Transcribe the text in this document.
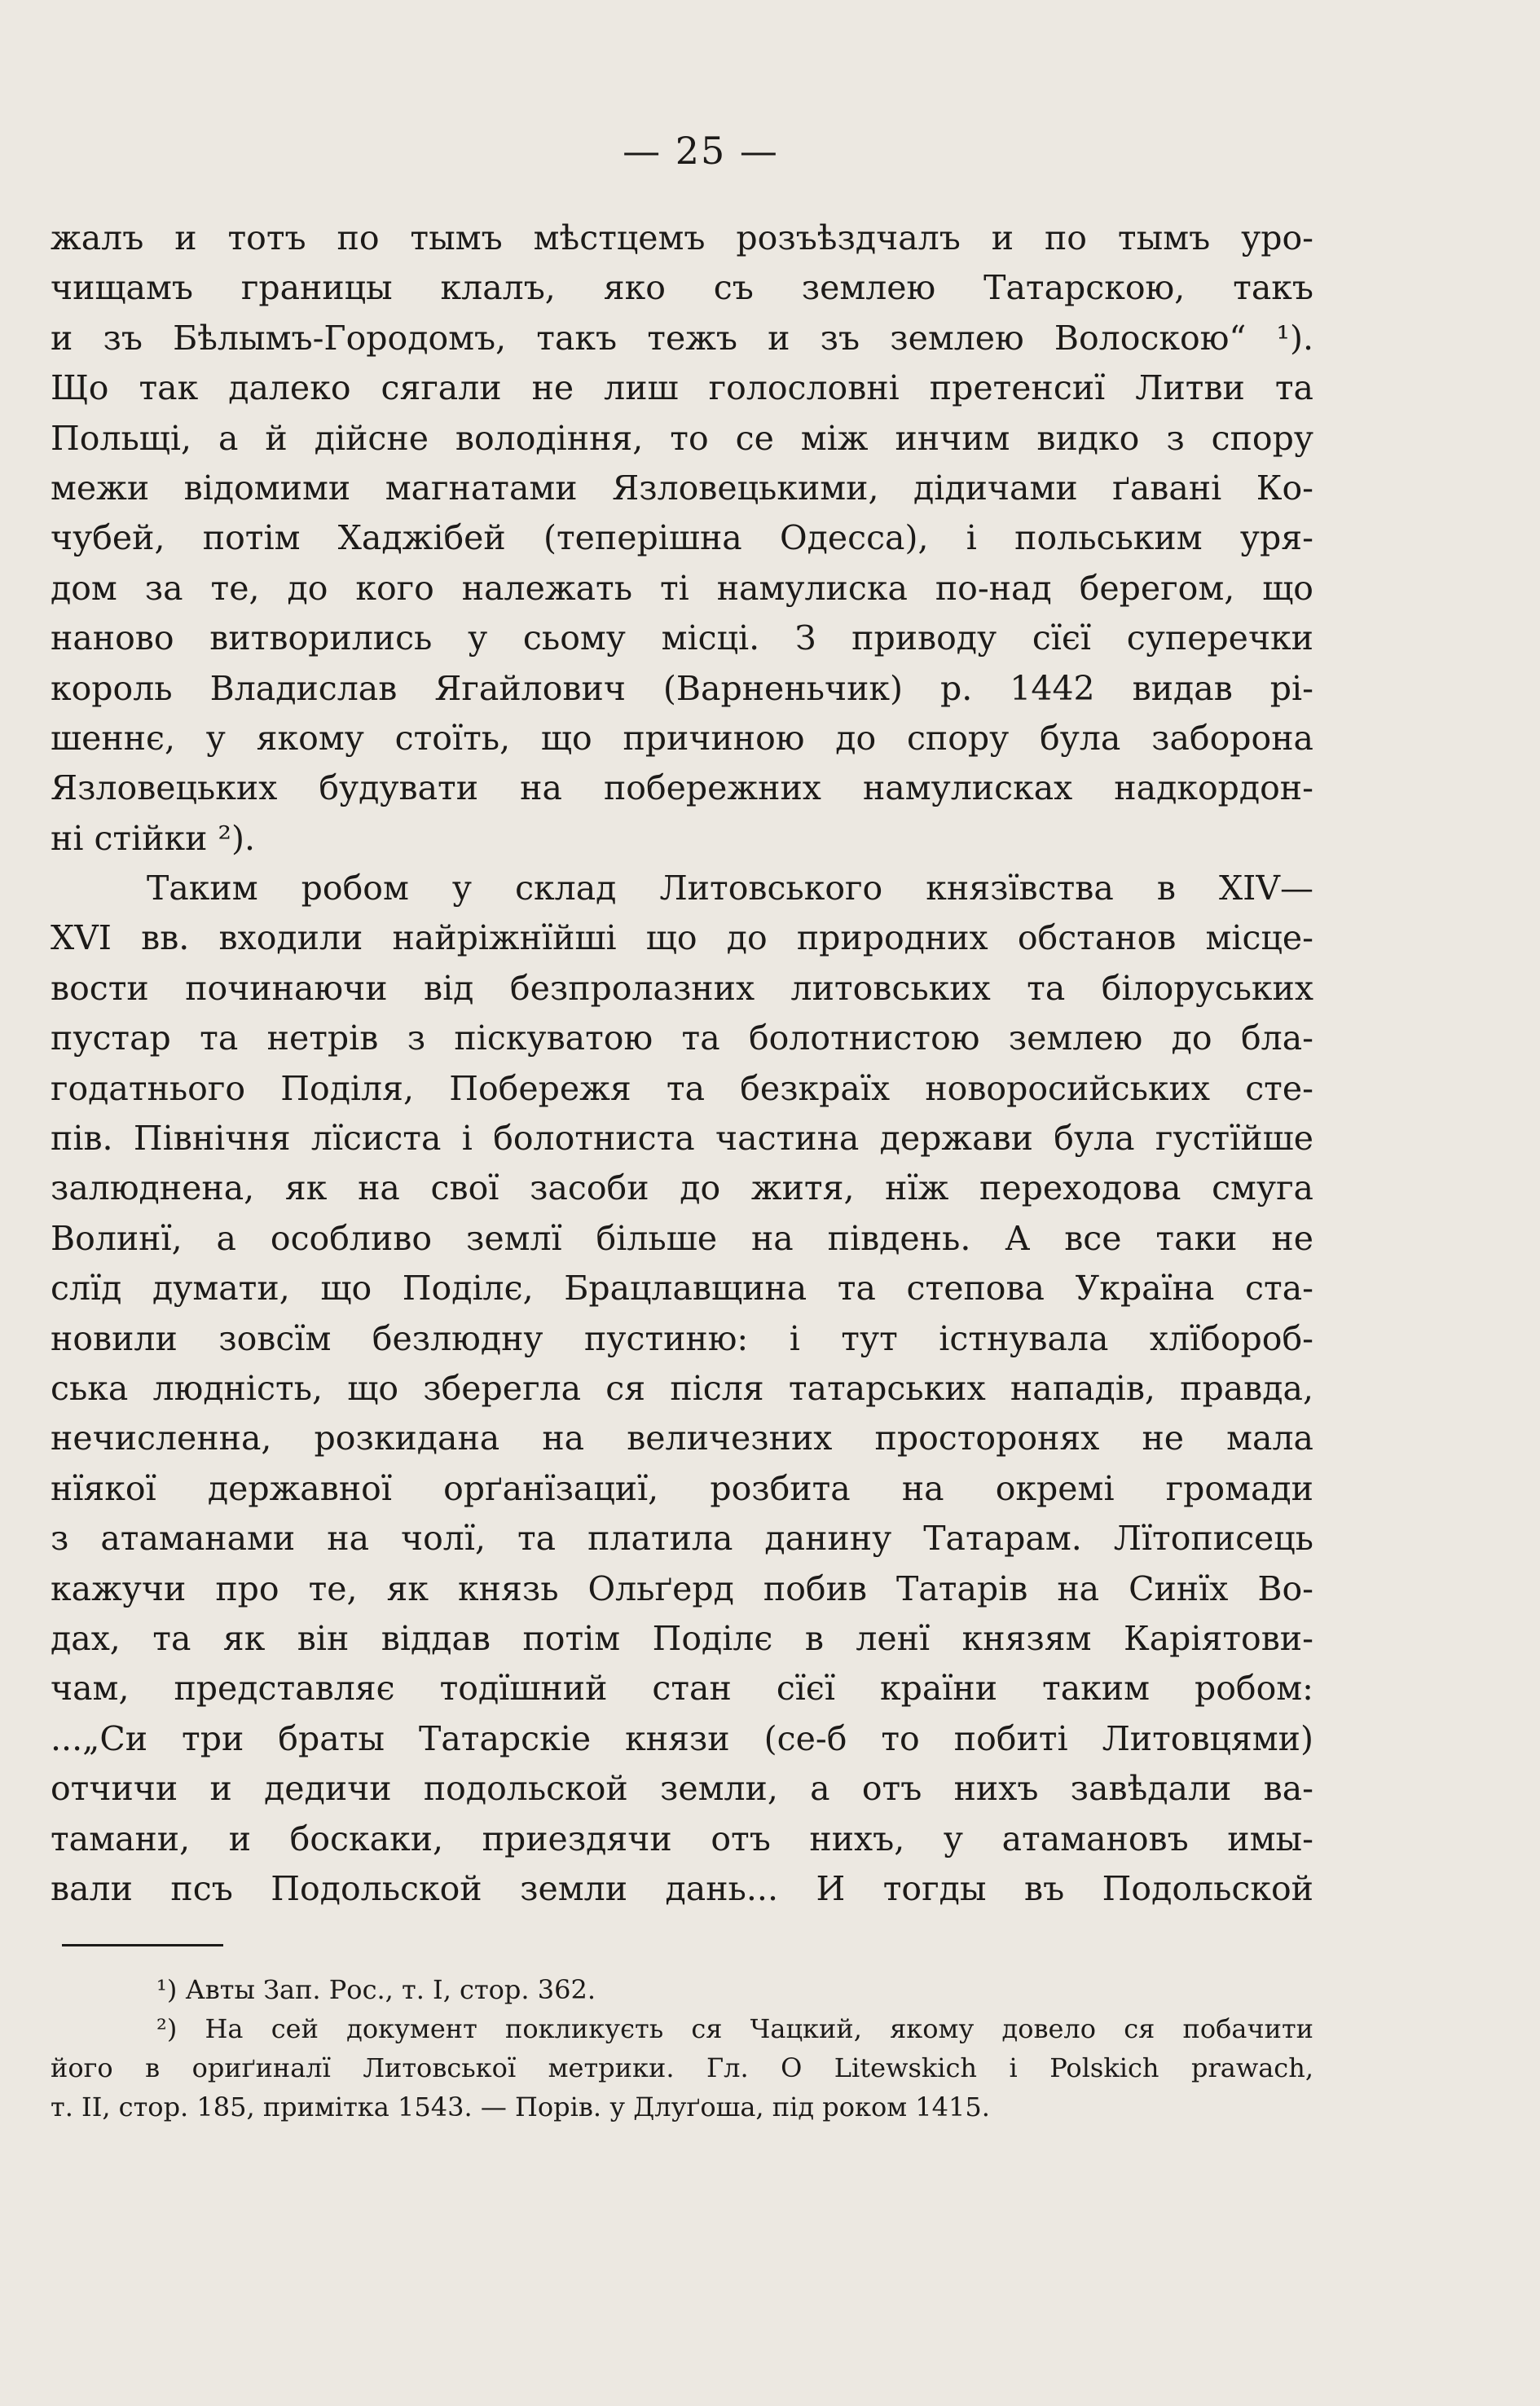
— 25 —
жалъ и тотъ по тымъ мѣстцемъ розъѣздчалъ и по тымъ уро-
чищамъ границы клалъ, яко съ землею Татарскою, такъ
и зъ Бѣлымъ-Городомъ, такъ тежъ и зъ землею Волоскою“ ¹).
Що так далеко сягали не лиш голословні претенсиї Литви та
Польщі, а й дійсне володіння, то се між инчим видко з спору
межи відомими магнатами Язловецькими, дідичами ґавані Ко-
чубей, потім Хаджібей (теперішна Одесса), і польським уря-
дом за те, до кого належать ті намулиска по-над берегом, що
наново витворились у сьому місці. З приводу сїєї суперечки
король Владислав Ягайлович (Варненьчик) р. 1442 видав рі-
шеннє, у якому стоїть, що причиною до спору була заборона
Язловецьких будувати на побережних намулисках надкордон-
ні стійки ²).
Таким робом у склад Литовського князївства в XIV—
XVI вв. входили найріжнїйші що до природних обстанов місце-
вости починаючи від безпролазних литовських та білоруських
пустар та нетрів з піскуватою та болотнистою землею до бла-
годатнього Поділя, Побережя та безкраїх новоросийських сте-
пів. Північня лїсиста і болотниста частина держави була густїйше
залюднена, як на свої засоби до житя, нїж переходова смуга
Волинї, а особливо землї більше на південь. А все таки не
слїд думати, що Поділє, Брацлавщина та степова Україна ста-
новили зовсїм безлюдну пустиню: і тут істнувала хлїбороб-
ська людність, що зберегла ся після татарських нападів, правда,
нечисленна, розкидана на величезних просторонях не мала
нїякої державної орґанїзациї, розбита на окремі громади
з атаманами на чолї, та платила данину Татарам. Лїтописець
кажучи про те, як князь Ольґерд побив Татарів на Синїх Во-
дах, та як він віддав потім Поділє в ленї князям Каріятови-
чам, представляє тодїшний стан сїєї країни таким робом:
...„Си три браты Татарскіе князи (се-б то побиті Литовцями)
отчичи и дедичи подольской земли, а отъ нихъ завѣдали ва-
тамани, и боскаки, приездячи отъ нихъ, у атамановъ имы-
вали псъ Подольской земли дань... И тогды въ Подольской
¹) Авты Зап. Рос., т. I, стор. 362.
²) На сей документ покликуєть ся Чацкий, якому довело ся побачити
його в ориґиналї Литовської метрики. Гл. O Litewskich i Polskich prawach,
т. II, стор. 185, примітка 1543. — Порів. у Длуґоша, під роком 1415.
